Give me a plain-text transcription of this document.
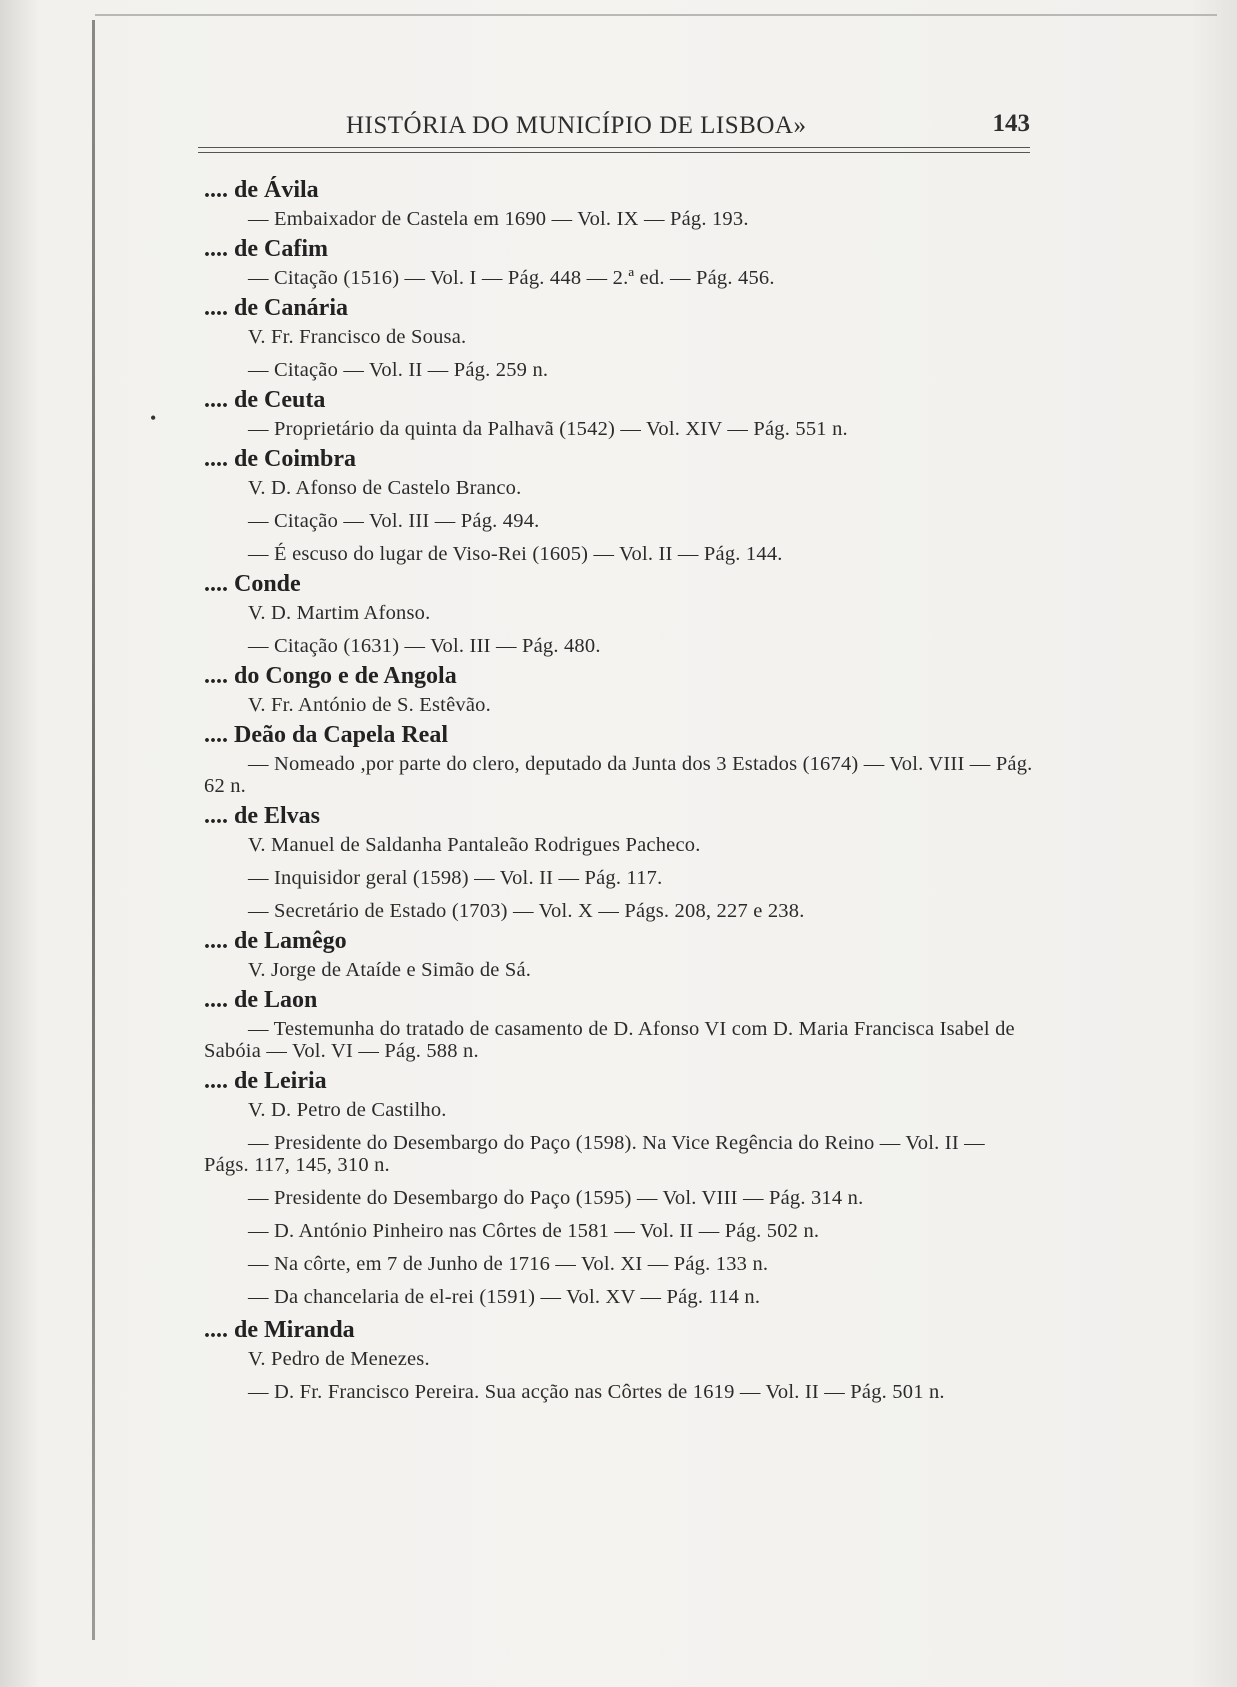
HISTÓRIA DO MUNICÍPIO DE LISBOA»	143
•

.... de Ávila

— Embaixador de Castela em 1690 — Vol. IX — Pág. 193.

.... de Cafim

— Citação (1516) — Vol. I — Pág. 448 — 2.ª ed. — Pág. 456.

.... de Canária

V. Fr. Francisco de Sousa.

— Citação — Vol. II — Pág. 259 n.

.... de Ceuta

— Proprietário da quinta da Palhavã (1542) — Vol. XIV — Pág. 551 n.

.... de Coimbra

V. D. Afonso de Castelo Branco.

— Citação — Vol. III — Pág. 494.

— É escuso do lugar de Viso-Rei (1605) — Vol. II — Pág. 144.

.... Conde

V. D. Martim Afonso.

— Citação (1631) — Vol. III — Pág. 480.

.... do Congo e de Angola

V. Fr. António de S. Estêvão.

.... Deão da Capela Real

— Nomeado ,por parte do clero, deputado da Junta dos 3 Estados (1674) — Vol. VIII — Pág. 62 n.

.... de Elvas

V. Manuel de Saldanha Pantaleão Rodrigues Pacheco.

— Inquisidor geral (1598) — Vol. II — Pág. 117.

— Secretário de Estado (1703) — Vol. X — Págs. 208, 227 e 238.

.... de Lamêgo

V. Jorge de Ataíde e Simão de Sá.

.... de Laon

— Testemunha do tratado de casamento de D. Afonso VI com D. Maria Francisca Isabel de Sabóia — Vol. VI — Pág. 588 n.

.... de Leiria

V. D. Petro de Castilho.

— Presidente do Desembargo do Paço (1598). Na Vice Regência do Reino — Vol. II — Págs. 117, 145, 310 n.

— Presidente do Desembargo do Paço (1595) — Vol. VIII — Pág. 314 n.

— D. António Pinheiro nas Côrtes de 1581 — Vol. II — Pág. 502 n.

— Na côrte, em 7 de Junho de 1716 — Vol. XI — Pág. 133 n.

— Da chancelaria de el-rei (1591) — Vol. XV — Pág. 114 n.

.... de Miranda

V. Pedro de Menezes.

— D. Fr. Francisco Pereira. Sua acção nas Côrtes de 1619 — Vol. II — Pág. 501 n.
